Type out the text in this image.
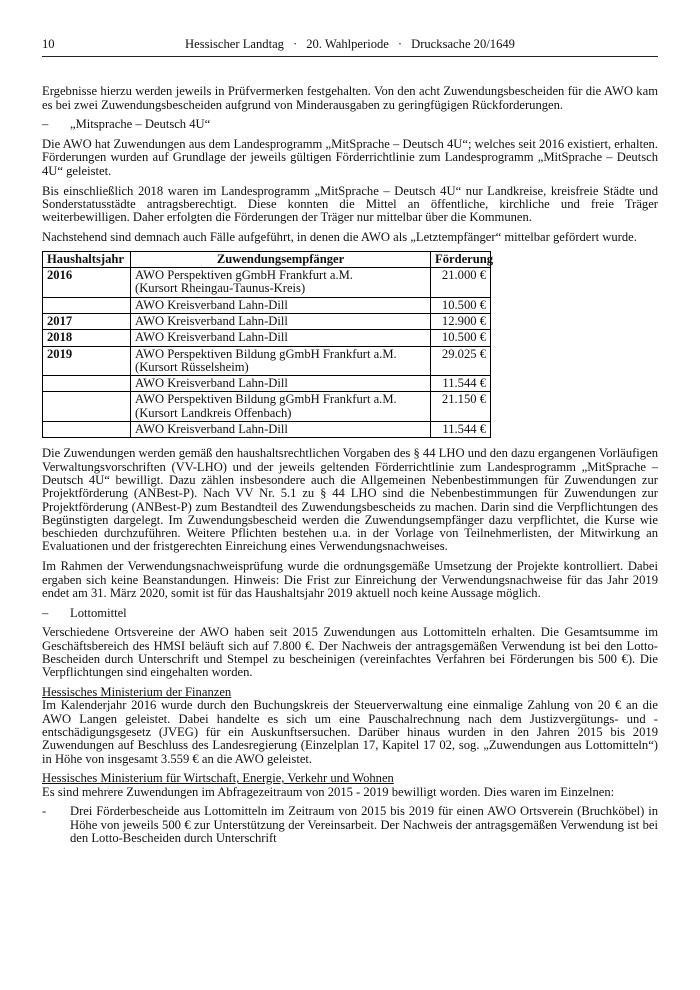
10	Hessischer Landtag · 20. Wahlperiode · Drucksache 20/1649

Ergebnisse hierzu werden jeweils in Prüfvermerken festgehalten. Von den acht Zuwendungsbescheiden für die AWO kam es bei zwei Zuwendungsbescheiden aufgrund von Minderausgaben zu geringfügigen Rückforderungen.

–	„Mitsprache – Deutsch 4U“

Die AWO hat Zuwendungen aus dem Landesprogramm „MitSprache – Deutsch 4U“; welches seit 2016 existiert, erhalten. Förderungen wurden auf Grundlage der jeweils gültigen Förderrichtlinie zum Landesprogramm „MitSprache – Deutsch 4U“ geleistet.

Bis einschließlich 2018 waren im Landesprogramm „MitSprache – Deutsch 4U“ nur Landkreise, kreisfreie Städte und Sonderstatusstädte antragsberechtigt. Diese konnten die Mittel an öffentliche, kirchliche und freie Träger weiterbewilligen. Daher erfolgten die Förderungen der Träger nur mittelbar über die Kommunen.

Nachstehend sind demnach auch Fälle aufgeführt, in denen die AWO als „Letztempfänger“ mittelbar gefördert wurde.

Haushaltsjahr	Zuwendungsempfänger	Förderung
2016	AWO Perspektiven gGmbH Frankfurt a.M.
(Kursort Rheingau-Taunus-Kreis)	21.000 €

	AWO Kreisverband Lahn-Dill	10.500 €
2017	AWO Kreisverband Lahn-Dill	12.900 €
2018	AWO Kreisverband Lahn-Dill	10.500 €
2019	AWO Perspektiven Bildung gGmbH Frankfurt a.M.
(Kursort Rüsselsheim)	29.025 €

	AWO Kreisverband Lahn-Dill	11.544 €

	AWO Perspektiven Bildung gGmbH Frankfurt a.M.
(Kursort Landkreis Offenbach)	21.150 €

	AWO Kreisverband Lahn-Dill	11.544 €

Die Zuwendungen werden gemäß den haushaltsrechtlichen Vorgaben des § 44 LHO und den dazu ergangenen Vorläufigen Verwaltungsvorschriften (VV-LHO) und der jeweils geltenden Förderrichtlinie zum Landesprogramm „MitSprache – Deutsch 4U“ bewilligt. Dazu zählen insbesondere auch die Allgemeinen Nebenbestimmungen für Zuwendungen zur Projektförderung (ANBest-P). Nach VV Nr. 5.1 zu § 44 LHO sind die Nebenbestimmungen für Zuwendungen zur Projektförderung (ANBest-P) zum Bestandteil des Zuwendungsbescheids zu machen. Darin sind die Verpflichtungen des Begünstigten dargelegt. Im Zuwendungsbescheid werden die Zuwendungsempfänger dazu verpflichtet, die Kurse wie beschieden durchzuführen. Weitere Pflichten bestehen u.a. in der Vorlage von Teilnehmerlisten, der Mitwirkung an Evaluationen und der fristgerechten Einreichung eines Verwendungsnachweises.

Im Rahmen der Verwendungsnachweisprüfung wurde die ordnungsgemäße Umsetzung der Projekte kontrolliert. Dabei ergaben sich keine Beanstandungen. Hinweis: Die Frist zur Einreichung der Verwendungsnachweise für das Jahr 2019 endet am 31. März 2020, somit ist für das Haushaltsjahr 2019 aktuell noch keine Aussage möglich.

–	Lottomittel

Verschiedene Ortsvereine der AWO haben seit 2015 Zuwendungen aus Lottomitteln erhalten. Die Gesamtsumme im Geschäftsbereich des HMSI beläuft sich auf 7.800 €. Der Nachweis der antragsgemäßen Verwendung ist bei den Lotto-Bescheiden durch Unterschrift und Stempel zu bescheinigen (vereinfachtes Verfahren bei Förderungen bis 500 €). Die Verpflichtungen sind eingehalten worden.

Hessisches Ministerium der Finanzen

Im Kalenderjahr 2016 wurde durch den Buchungskreis der Steuerverwaltung eine einmalige Zahlung von 20 € an die AWO Langen geleistet. Dabei handelte es sich um eine Pauschalrechnung nach dem Justizvergütungs- und -entschädigungsgesetz (JVEG) für ein Auskunftsersuchen. Darüber hinaus wurden in den Jahren 2015 bis 2019 Zuwendungen auf Beschluss des Landesregierung (Einzelplan 17, Kapitel 17 02, sog. „Zuwendungen aus Lottomitteln“) in Höhe von insgesamt 3.559 € an die AWO geleistet.

Hessisches Ministerium für Wirtschaft, Energie, Verkehr und Wohnen

Es sind mehrere Zuwendungen im Abfragezeitraum von 2015 - 2019 bewilligt worden. Dies waren im Einzelnen:

-	Drei Förderbescheide aus Lottomitteln im Zeitraum von 2015 bis 2019 für einen AWO Ortsverein (Bruchköbel) in Höhe von jeweils 500 € zur Unterstützung der Vereinsarbeit. Der Nachweis der antragsgemäßen Verwendung ist bei den Lotto-Bescheiden durch Unterschrift
